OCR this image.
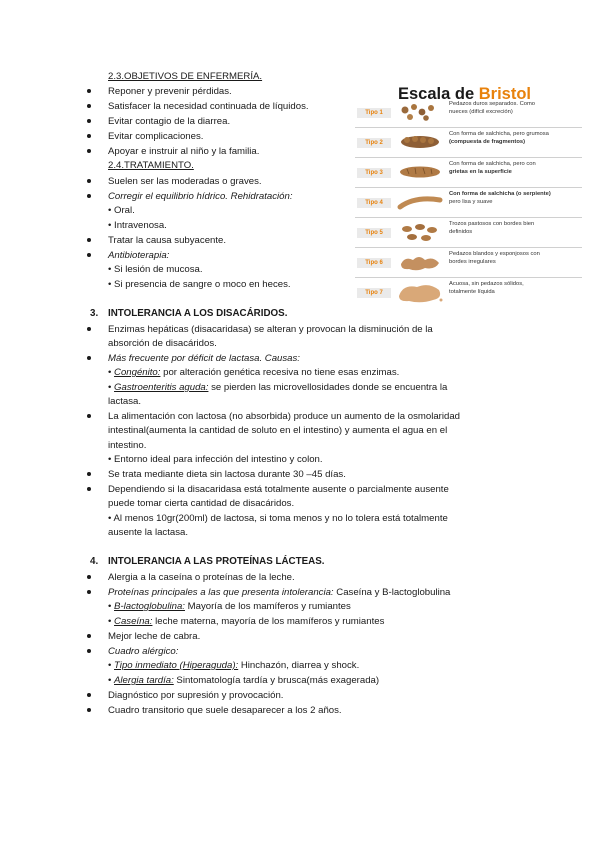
2.3.OBJETIVOS DE ENFERMERÍA.
Reponer y prevenir pérdidas.
Satisfacer la necesidad continuada de líquidos.
Evitar contagio de la diarrea.
Evitar complicaciones.
Apoyar e instruir al niño y la familia.
2.4.TRATAMIENTO.
Suelen ser las moderadas o graves.
Corregir el equilibrio hídrico. Rehidratación:
• Oral.
• Intravenosa.
Tratar la causa subyacente.
Antibioterapia:
• Si lesión de mucosa.
• Si presencia de sangre o moco en heces.
Escala de Bristol
Tipo 1
Pedazos duros separados. Como
nueces (difícil excreción)
Tipo 2
Con forma de salchicha, pero grumosa
(compuesta de fragmentos)
Tipo 3
Con forma de salchicha, pero con
grietas en la superficie
Tipo 4
Con forma de salchicha (o serpiente)
pero lisa y suave
Tipo 5
Trozos pastosos con bordes bien
definidos
Tipo 6
Pedazos blandos y esponjosos con
bordes irregulares
Tipo 7
Acuosa, sin pedazos sólidos,
totalmente líquida
3. INTOLERANCIA A LOS DISACÁRIDOS.
Enzimas hepáticas (disacaridasa) se alteran y provocan la disminución de la
absorción de disacáridos.
Más frecuente por déficit de lactasa. Causas:
• Congénito: por alteración genética recesiva no tiene esas enzimas.
• Gastroenteritis aguda: se pierden las microvellosidades donde se encuentra la
lactasa.
La alimentación con lactosa (no absorbida) produce un aumento de la osmolaridad
intestinal(aumenta la cantidad de soluto en el intestino) y aumenta el agua en el
intestino.
• Entorno ideal para infección del intestino y colon.
Se trata mediante dieta sin lactosa durante 30 –45 días.
Dependiendo si la disacaridasa está totalmente ausente o parcialmente ausente
puede tomar cierta cantidad de disacáridos.
• Al menos 10gr(200ml) de lactosa, si toma menos y no lo tolera está totalmente
ausente la lactasa.
4. INTOLERANCIA A LAS PROTEÍNAS LÁCTEAS.
Alergia a la caseína o proteínas de la leche.
Proteínas principales a las que presenta intolerancia: Caseína y B-lactoglobulina
• B-lactoglobulina: Mayoría de los mamíferos y rumiantes
• Caseína: leche materna, mayoría de los mamíferos y rumiantes
Mejor leche de cabra.
Cuadro alérgico:
• Tipo inmediato (Hiperaguda): Hinchazón, diarrea y shock.
• Alergia tardía: Sintomatología tardía y brusca(más exagerada)
Diagnóstico por supresión y provocación.
Cuadro transitorio que suele desaparecer a los 2 años.
